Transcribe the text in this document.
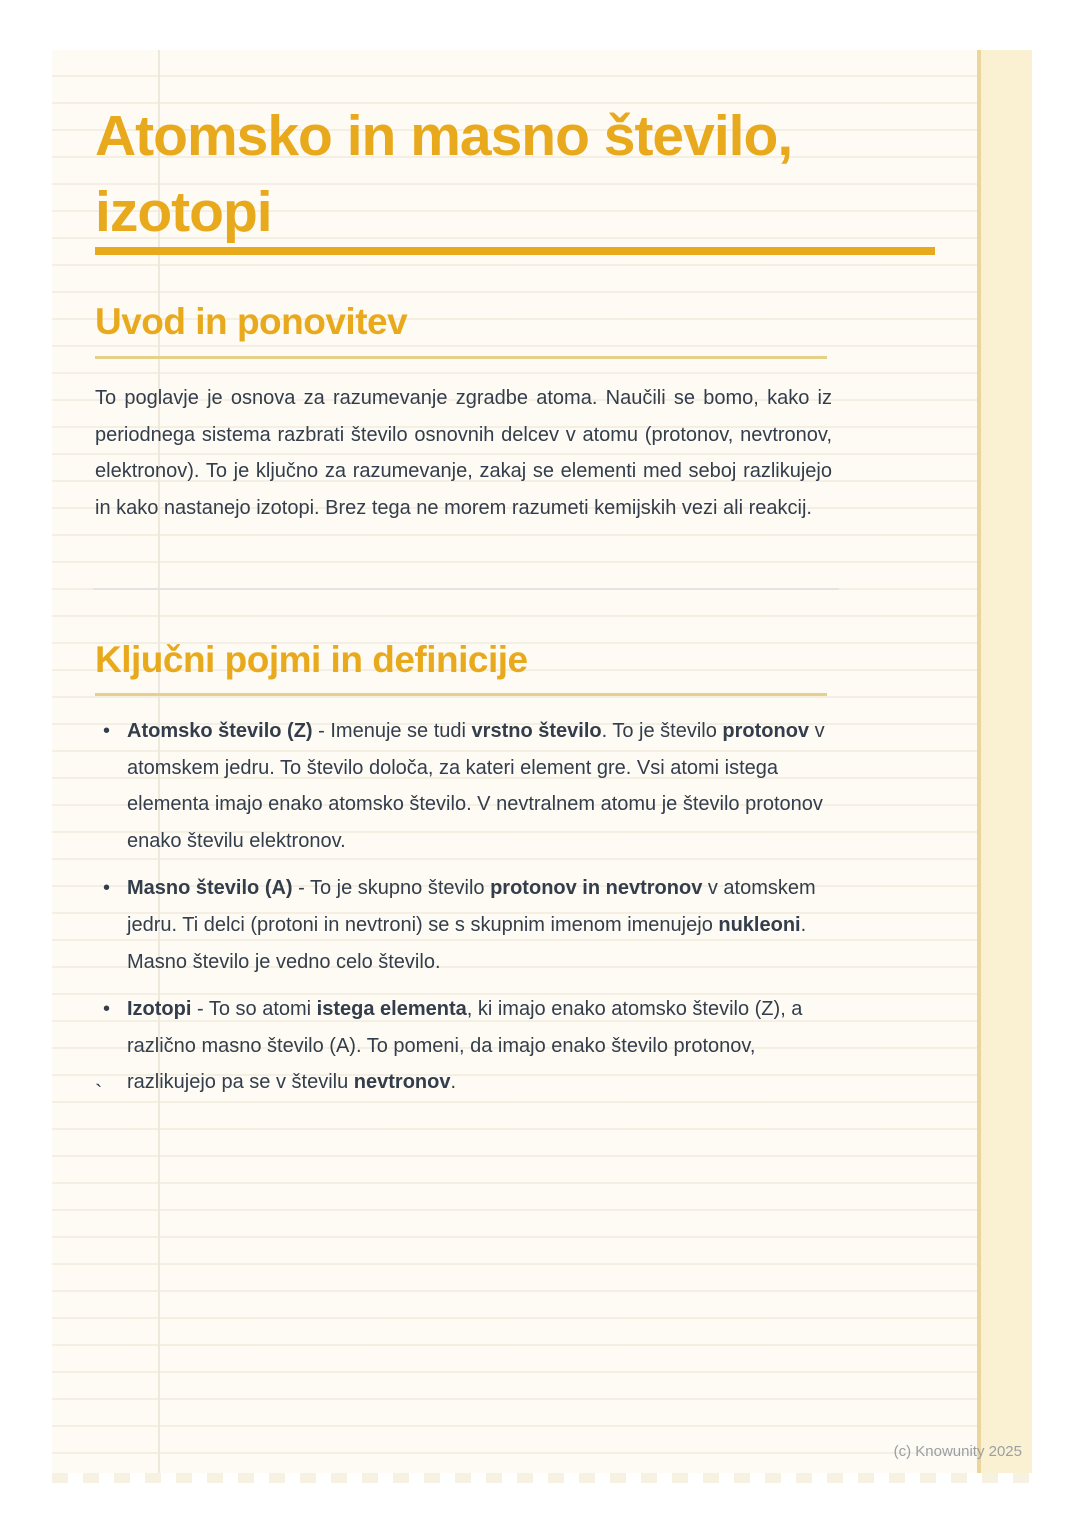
Atomsko in masno število,
izotopi
Uvod in ponovitev

To poglavje je osnova za razumevanje zgradbe atoma. Naučili se bomo, kako iz periodnega sistema razbrati število osnovnih delcev v atomu (protonov, nevtronov, elektronov). To je ključno za razumevanje, zakaj se elementi med seboj razlikujejo in kako nastanejo izotopi. Brez tega ne morem razumeti kemijskih vezi ali reakcij.

Ključni pojmi in definicije
• Atomsko število (Z) - Imenuje se tudi vrstno število. To je število protonov v atomskem jedru. To število določa, za kateri element gre. Vsi atomi istega elementa imajo enako atomsko število. V nevtralnem atomu je število protonov enako številu elektronov.
• Masno število (A) - To je skupno število protonov in nevtronov v atomskem jedru. Ti delci (protoni in nevtroni) se s skupnim imenom imenujejo nukleoni. Masno število je vedno celo število.
• Izotopi - To so atomi istega elementa, ki imajo enako atomsko število (Z), a različno masno število (A). To pomeni, da imajo enako število protonov, razlikujejo pa se v številu nevtronov.
`
(c) Knowunity 2025
